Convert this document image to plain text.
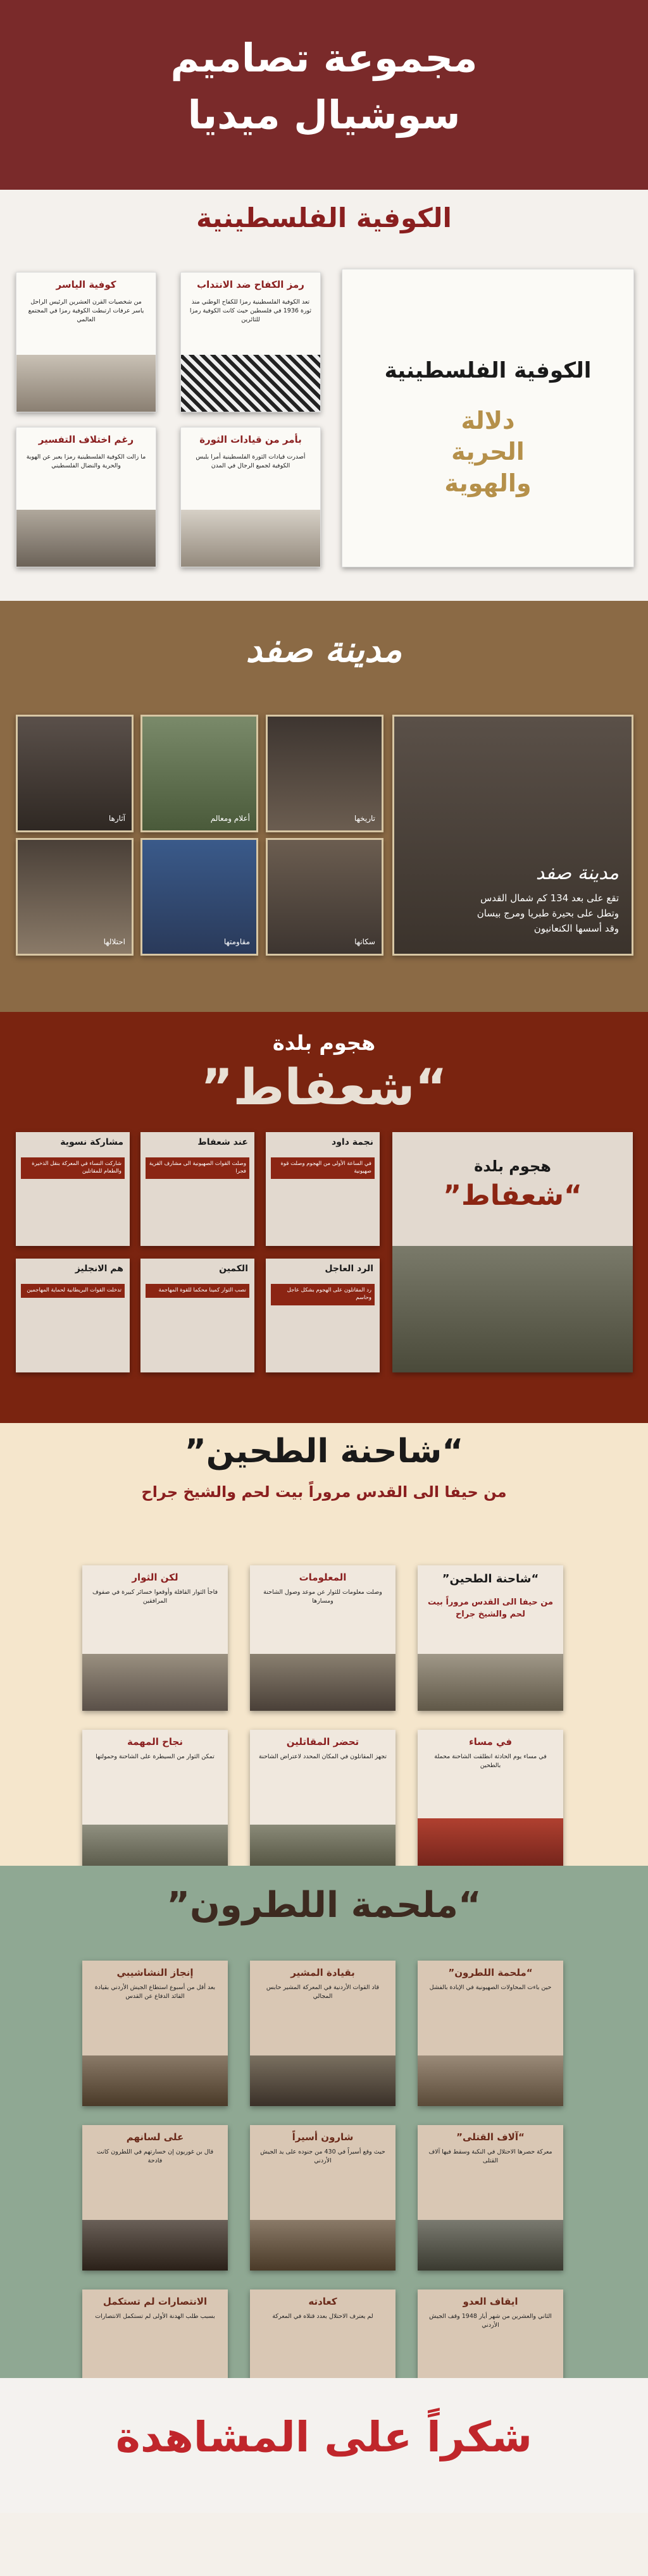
مجموعة تصاميم
سوشيال ميديا
الكوفية الفلسطينية
الكوفية الفلسطينية
دلالة
الحرية
والهوية
كوفية الياسر
من شخصيات القرن العشرين الرئيس الراحل ياسر عرفات ارتبطت الكوفية رمزا في المجتمع العالمي
رمز الكفاح ضد الانتداب
تعد الكوفية الفلسطينية رمزا للكفاح الوطني منذ ثورة 1936 في فلسطين حيث كانت الكوفية رمزا للثائرين
رغم اختلاف التفسير
ما زالت الكوفية الفلسطينية رمزا يعبر عن الهوية والحرية والنضال الفلسطيني
بأمر من قيادات الثورة
أصدرت قيادات الثورة الفلسطينية أمرا بلبس الكوفية لجميع الرجال في المدن
مدينة صفد
مدينة صفد
تقع على بعد 134 كم شمال القدس
وتطل على بحيرة طبريا ومرج بيسان
وقد أسسها الكنعانيون
تاريخها
أعلام ومعالم
آثارها
سكانها
مقاومتها
احتلالها
هجوم بلدة
“شعفاط”
هجوم بلدة
“شعفاط”
مشاركة نسوية
شاركت النساء في المعركة بنقل الذخيرة والطعام للمقاتلين
عند شعفاط
وصلت القوات الصهيونية الى مشارف القرية فجرا
نجمة داود
في الساعة الأولى من الهجوم وصلت قوة صهيونية
هم الانجليز
تدخلت القوات البريطانية لحماية المهاجمين
الكمين
نصب الثوار كمينا محكما للقوة المهاجمة
الرد العاجل
رد المقاتلون على الهجوم بشكل عاجل وحاسم
“شاحنة الطحين”
من حيفا الى القدس مروراً بيت لحم والشيخ جراح
لكن الثوار
فاجأ الثوار القافلة وأوقعوا خسائر كبيرة في صفوف المرافقين
المعلومات
وصلت معلومات للثوار عن موعد وصول الشاحنة ومسارها
“شاحنة الطحين”
من حيفا الى القدس مروراً بيت لحم والشيخ جراح
نجاح المهمة
تمكن الثوار من السيطرة على الشاحنة وحمولتها
تحضر المقاتلين
تجهز المقاتلون في المكان المحدد لاعتراض الشاحنة
في مساء
في مساء يوم الحادثة انطلقت الشاحنة محملة بالطحين
“ملحمة اللطرون”
إنجاز النشاشيبي
بعد أقل من أسبوع استطاع الجيش الأردني بقيادة القائد الدفاع عن القدس
بقيادة المشير
قاد القوات الأردنية في المعركة المشير حابس المجالي
“ملحمة اللطرون”
حين باءت المحاولات الصهيونية في الإبادة بالفشل
على لسانهم
قال بن غوريون إن خسارتهم في اللطرون كانت فادحة
شارون أسيراً
حيث وقع أسيراً في 430 من جنوده على يد الجيش الأردني
“آلاف القتلى”
معركة حصرها الاحتلال في النكبة وسقط فيها آلاف القتلى
الانتصارات لم تستكمل
بسبب طلب الهدنة الأولى لم تستكمل الانتصارات
كعادته
لم يعترف الاحتلال بعدد قتلاه في المعركة
ايقاف العدو
الثاني والعشرين من شهر أيار 1948 وقف الجيش الأردني
شكراً على المشاهدة
